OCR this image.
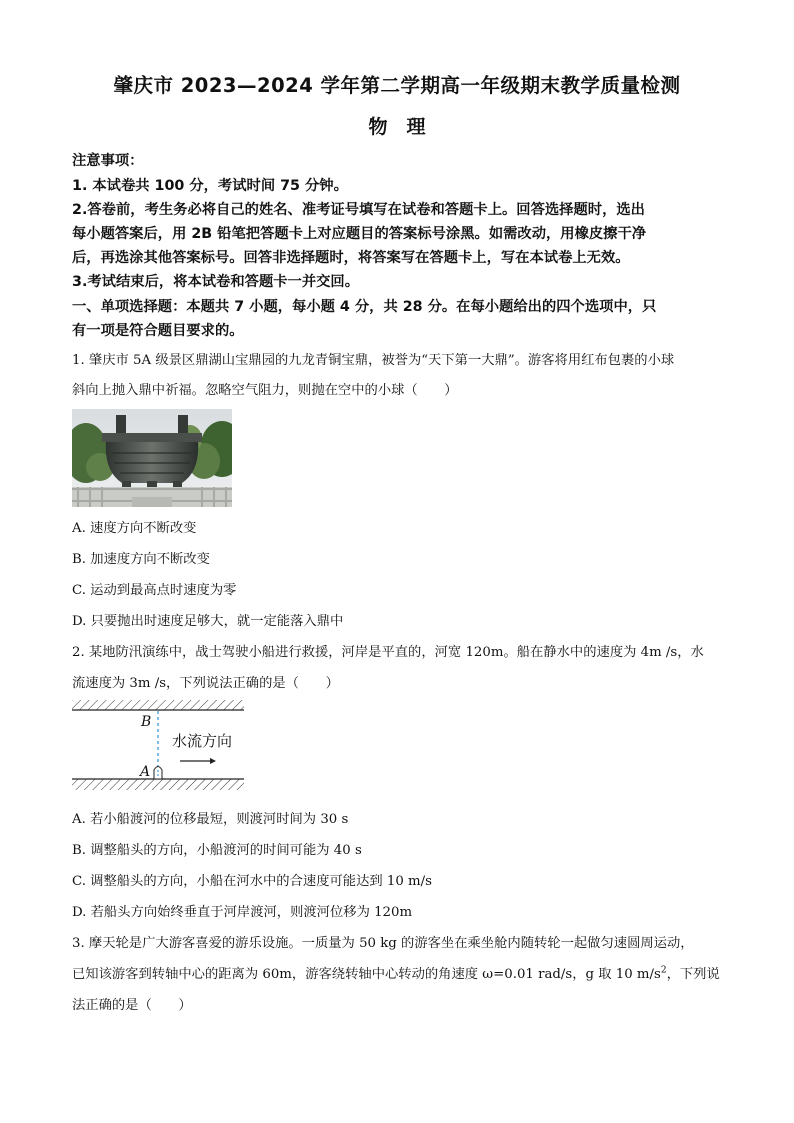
肇庆市 2023—2024 学年第二学期高一年级期末教学质量检测
物　理
注意事项：
1. 本试卷共 100 分，考试时间 75 分钟。
2.答卷前，考生务必将自己的姓名、准考证号填写在试卷和答题卡上。回答选择题时，选出
每小题答案后，用 2B 铅笔把答题卡上对应题目的答案标号涂黑。如需改动，用橡皮擦干净
后，再选涂其他答案标号。回答非选择题时，将答案写在答题卡上，写在本试卷上无效。
3.考试结束后，将本试卷和答题卡一并交回。
一、单项选择题：本题共 7 小题，每小题 4 分，共 28 分。在每小题给出的四个选项中，只
有一项是符合题目要求的。
1. 肇庆市 5A 级景区鼎湖山宝鼎园的九龙青铜宝鼎，被誉为“天下第一大鼎”。游客将用红布包裹的小球
斜向上抛入鼎中祈福。忽略空气阻力，则抛在空中的小球（　　）
A. 速度方向不断改变
B. 加速度方向不断改变
C. 运动到最高点时速度为零
D. 只要抛出时速度足够大，就一定能落入鼎中
2. 某地防汛演练中，战士驾驶小船进行救援，河岸是平直的，河宽 120m。船在静水中的速度为 4m /s，水
流速度为 3m /s，下列说法正确的是（　　）
B
A
水流方向
A. 若小船渡河的位移最短，则渡河时间为 30 s
B. 调整船头的方向，小船渡河的时间可能为 40 s
C. 调整船头的方向，小船在河水中的合速度可能达到 10 m/s
D. 若船头方向始终垂直于河岸渡河，则渡河位移为 120m
3. 摩天轮是广大游客喜爱的游乐设施。一质量为 50 kg 的游客坐在乘坐舱内随转轮一起做匀速圆周运动，
已知该游客到转轴中心的距离为 60m，游客绕转轴中心转动的角速度 ω=0.01 rad/s，g 取 10 $m/s^2$，下列说
法正确的是（　　）
